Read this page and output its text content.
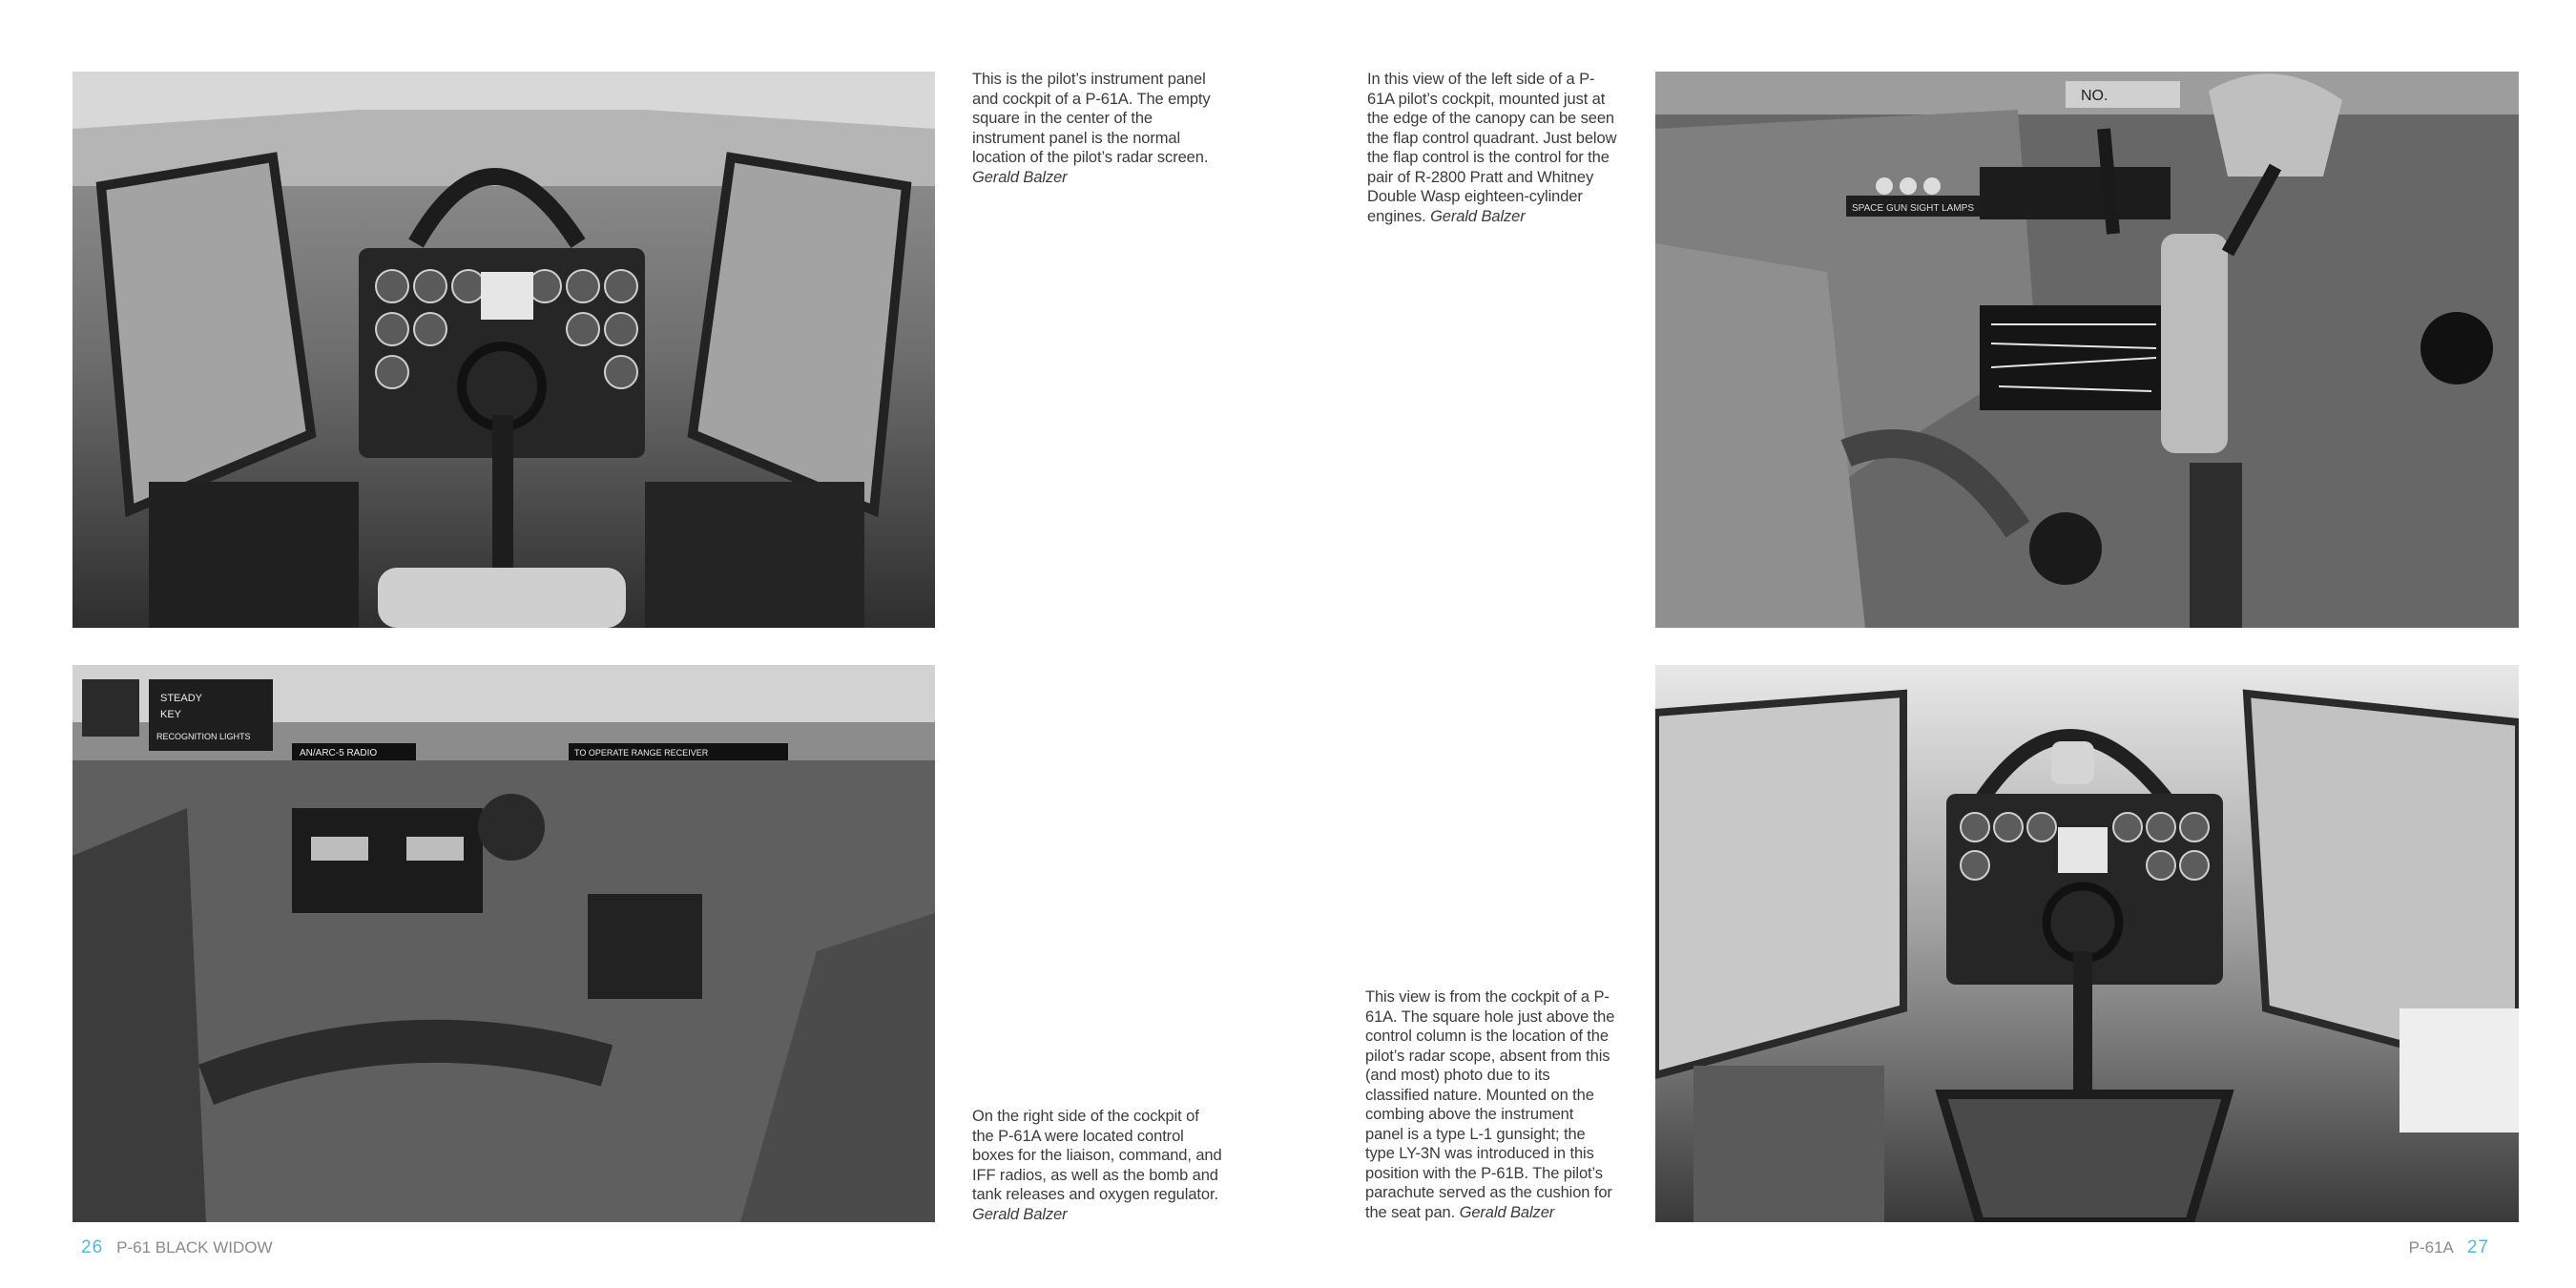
This is the pilot’s instrument panel and cockpit of a P-61A. The empty square in the center of the instrument panel is the normal location of the pilot’s radar screen. Gerald Balzer
STEADY
KEY
RECOGNITION LIGHTS
AN/ARC-5 RADIO	TO OPERATE RANGE RECEIVER
On the right side of the cockpit of the P-61A were located control boxes for the liaison, command, and IFF radios, as well as the bomb and tank releases and oxygen regulator. Gerald Balzer
26 P-61 BLACK WIDOW
In this view of the left side of a P-61A pilot’s cockpit, mounted just at the edge of the canopy can be seen the flap control quadrant. Just below the flap control is the control for the pair of R-2800 Pratt and Whitney Double Wasp eighteen-cylinder engines. Gerald Balzer
NO.
SPACE GUN SIGHT LAMPS
This view is from the cockpit of a P-61A. The square hole just above the control column is the location of the pilot’s radar scope, absent from this (and most) photo due to its classified nature. Mounted on the combing above the instrument panel is a type L-1 gunsight; the type LY-3N was introduced in this position with the P-61B. The pilot’s parachute served as the cushion for the seat pan. Gerald Balzer
P-61A 27
